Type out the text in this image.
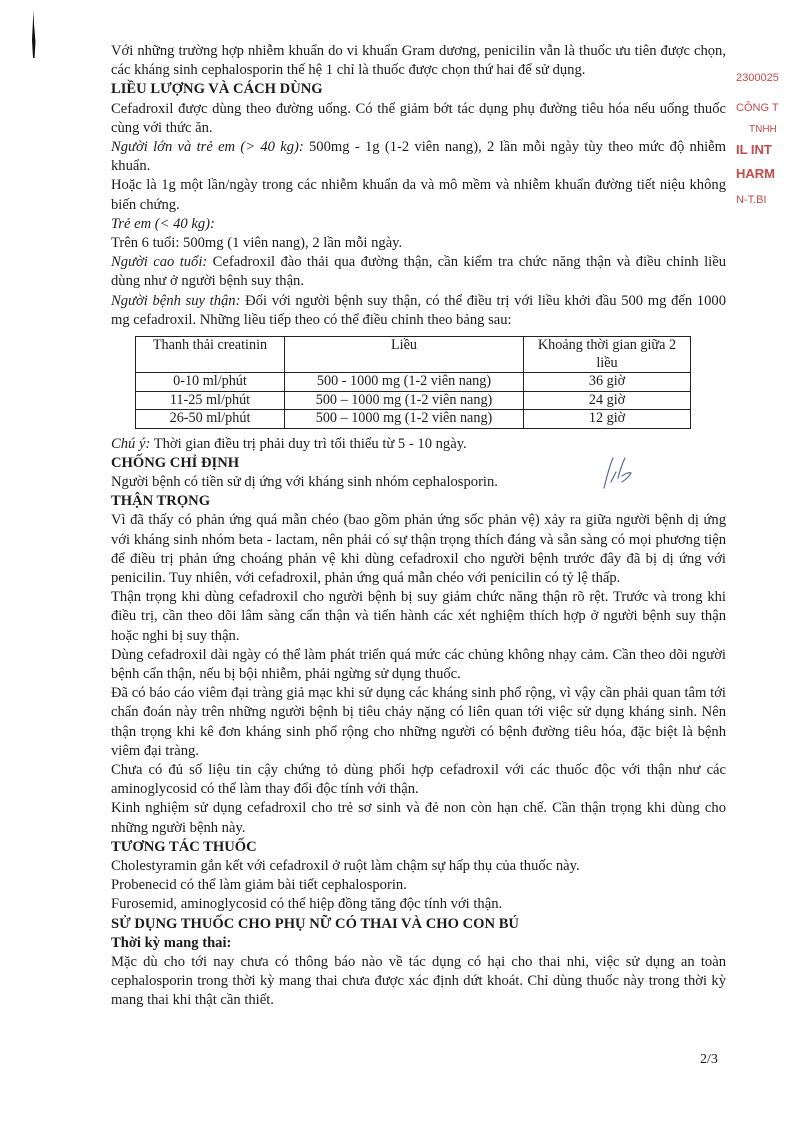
Với những trường hợp nhiễm khuẩn do vi khuẩn Gram dương, penicilin vẫn là thuốc ưu tiên được chọn, các kháng sinh cephalosporin thế hệ 1 chỉ là thuốc được chọn thứ hai để sử dụng.

LIỀU LƯỢNG VÀ CÁCH DÙNG

Cefadroxil được dùng theo đường uống. Có thể giảm bớt tác dụng phụ đường tiêu hóa nếu uống thuốc cùng với thức ăn.

Người lớn và trẻ em (> 40 kg): 500mg - 1g (1-2 viên nang), 2 lần mỗi ngày tùy theo mức độ nhiễm khuẩn.

Hoặc là 1g một lần/ngày trong các nhiễm khuẩn da và mô mềm và nhiễm khuẩn đường tiết niệu không biến chứng.

Trẻ em (< 40 kg):

Trên 6 tuổi: 500mg (1 viên nang), 2 lần mỗi ngày.

Người cao tuổi: Cefadroxil đào thải qua đường thận, cần kiểm tra chức năng thận và điều chỉnh liều dùng như ở người bệnh suy thận.

Người bệnh suy thận: Đối với người bệnh suy thận, có thể điều trị với liều khởi đầu 500 mg đến 1000 mg cefadroxil. Những liều tiếp theo có thể điều chỉnh theo bảng sau:

Thanh thải creatinin	Liều	Khoảng thời gian giữa 2 liều
0-10 ml/phút	500 - 1000 mg (1-2 viên nang)	36 giờ
11-25 ml/phút	500 – 1000 mg (1-2 viên nang)	24 giờ
26-50 ml/phút	500 – 1000 mg (1-2 viên nang)	12 giờ

Chú ý: Thời gian điều trị phải duy trì tối thiểu từ 5 - 10 ngày.

CHỐNG CHỈ ĐỊNH

Người bệnh có tiền sử dị ứng với kháng sinh nhóm cephalosporin.

THẬN TRỌNG

Vì đã thấy có phản ứng quá mẫn chéo (bao gồm phản ứng sốc phản vệ) xảy ra giữa người bệnh dị ứng với kháng sinh nhóm beta - lactam, nên phải có sự thận trọng thích đáng và sẵn sàng có mọi phương tiện để điều trị phản ứng choáng phản vệ khi dùng cefadroxil cho người bệnh trước đây đã bị dị ứng với penicilin. Tuy nhiên, với cefadroxil, phản ứng quá mẫn chéo với penicilin có tỷ lệ thấp.

Thận trọng khi dùng cefadroxil cho người bệnh bị suy giảm chức năng thận rõ rệt. Trước và trong khi điều trị, cần theo dõi lâm sàng cẩn thận và tiến hành các xét nghiệm thích hợp ở người bệnh suy thận hoặc nghi bị suy thận.

Dùng cefadroxil dài ngày có thể làm phát triển quá mức các chủng không nhạy cảm. Cần theo dõi người bệnh cẩn thận, nếu bị bội nhiễm, phải ngừng sử dụng thuốc.

Đã có báo cáo viêm đại tràng giả mạc khi sử dụng các kháng sinh phổ rộng, vì vậy cần phải quan tâm tới chẩn đoán này trên những người bệnh bị tiêu chảy nặng có liên quan tới việc sử dụng kháng sinh. Nên thận trọng khi kê đơn kháng sinh phổ rộng cho những người có bệnh đường tiêu hóa, đặc biệt là bệnh viêm đại tràng.

Chưa có đủ số liệu tin cậy chứng tỏ dùng phối hợp cefadroxil với các thuốc độc với thận như các aminoglycosid có thể làm thay đổi độc tính với thận.

Kinh nghiệm sử dụng cefadroxil cho trẻ sơ sinh và đẻ non còn hạn chế. Cần thận trọng khi dùng cho những người bệnh này.

TƯƠNG TÁC THUỐC

Cholestyramin gắn kết với cefadroxil ở ruột làm chậm sự hấp thụ của thuốc này.

Probenecid có thể làm giảm bài tiết cephalosporin.

Furosemid, aminoglycosid có thể hiệp đồng tăng độc tính với thận.

SỬ DỤNG THUỐC CHO PHỤ NỮ CÓ THAI VÀ CHO CON BÚ

Thời kỳ mang thai:

Mặc dù cho tới nay chưa có thông báo nào về tác dụng có hại cho thai nhi, việc sử dụng an toàn cephalosporin trong thời kỳ mang thai chưa được xác định dứt khoát. Chỉ dùng thuốc này trong thời kỳ mang thai khi thật cần thiết.

2300025
CÔNG T
TNHH
IL INT
HARM
N-T.BI
2/3
